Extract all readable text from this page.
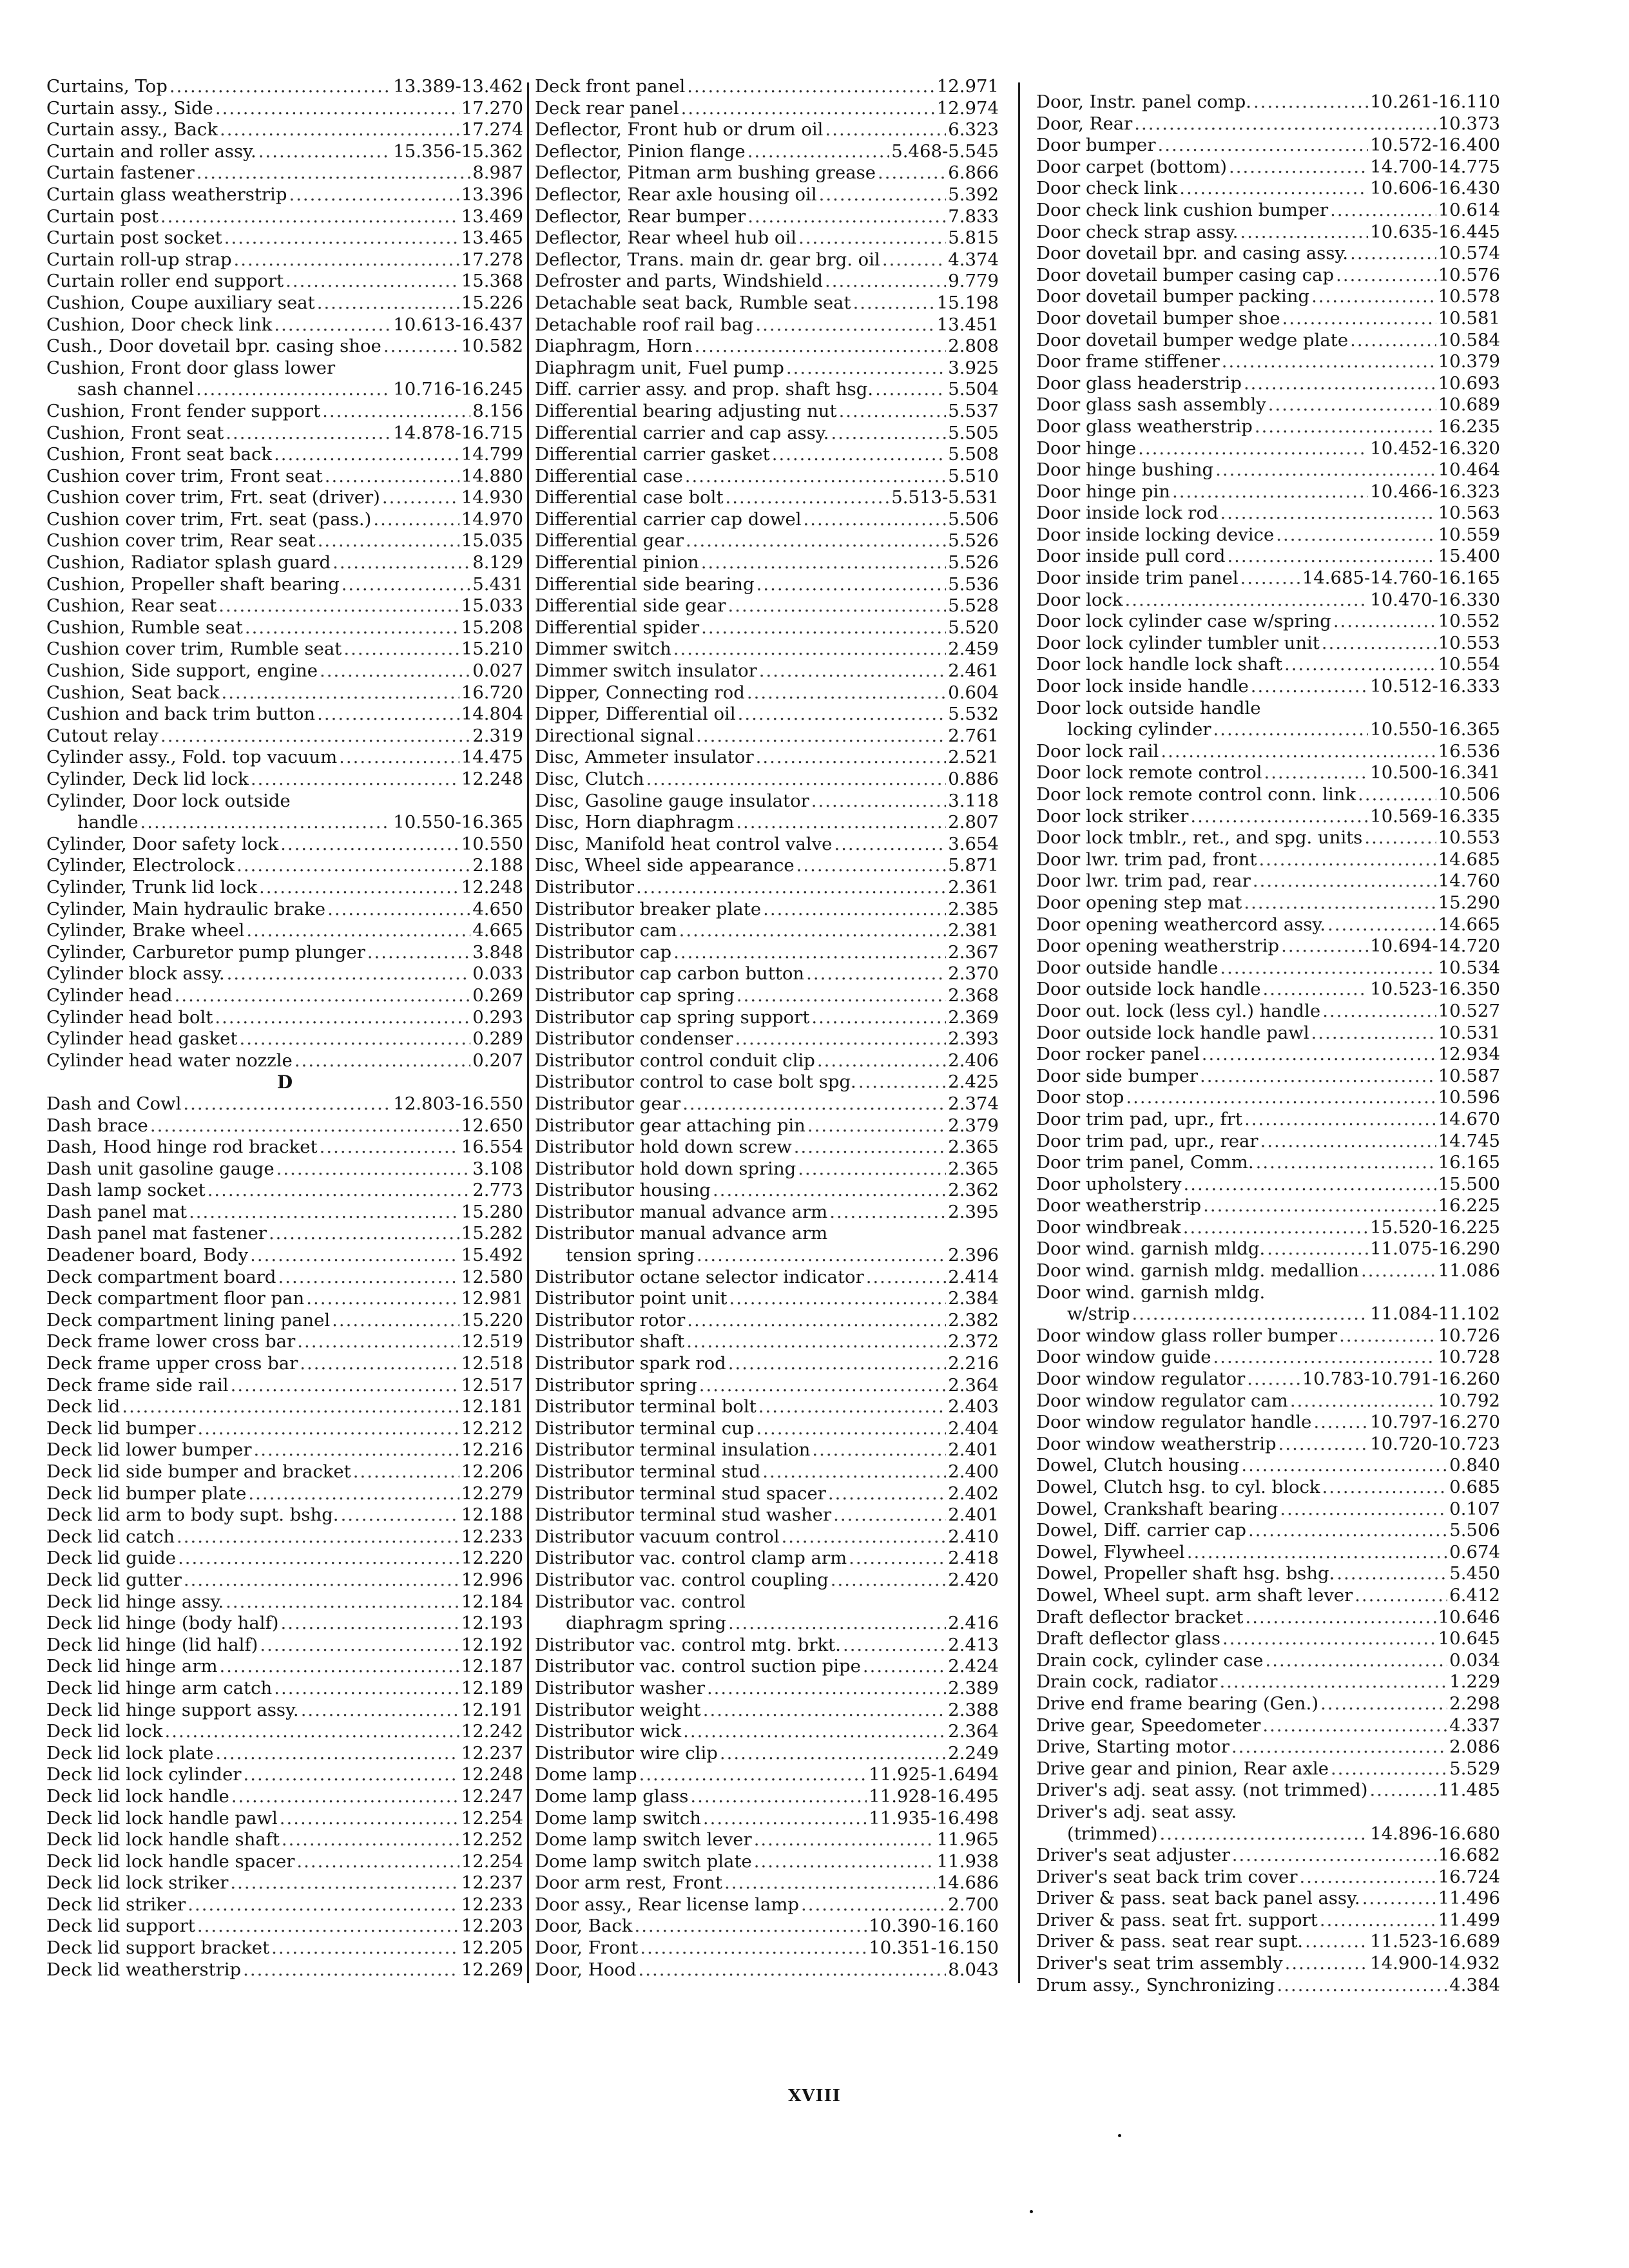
Curtains, Top .....	13.389-13.462
Curtain assy., Side .....	17.270
Curtain assy., Back .....	17.274
Curtain and roller assy. .....	15.356-15.362
Curtain fastener .....	8.987
Curtain glass weatherstrip .....	13.396
Curtain post .....	13.469
Curtain post socket .....	13.465
Curtain roll-up strap .....	17.278
Curtain roller end support .....	15.368
Cushion, Coupe auxiliary seat .....	15.226
Cushion, Door check link .....	10.613-16.437
Cush., Door dovetail bpr. casing shoe .....	10.582
Cushion, Front door glass lower
sash channel .....	10.716-16.245
Cushion, Front fender support .....	8.156
Cushion, Front seat .....	14.878-16.715
Cushion, Front seat back .....	14.799
Cushion cover trim, Front seat .....	14.880
Cushion cover trim, Frt. seat (driver) .....	14.930
Cushion cover trim, Frt. seat (pass.) .....	14.970
Cushion cover trim, Rear seat .....	15.035
Cushion, Radiator splash guard .....	8.129
Cushion, Propeller shaft bearing .....	5.431
Cushion, Rear seat .....	15.033
Cushion, Rumble seat .....	15.208
Cushion cover trim, Rumble seat .....	15.210
Cushion, Side support, engine .....	0.027
Cushion, Seat back .....	16.720
Cushion and back trim button .....	14.804
Cutout relay .....	2.319
Cylinder assy., Fold. top vacuum .....	14.475
Cylinder, Deck lid lock .....	12.248
Cylinder, Door lock outside
handle .....	10.550-16.365
Cylinder, Door safety lock .....	10.550
Cylinder, Electrolock .....	2.188
Cylinder, Trunk lid lock .....	12.248
Cylinder, Main hydraulic brake .....	4.650
Cylinder, Brake wheel .....	4.665
Cylinder, Carburetor pump plunger .....	3.848
Cylinder block assy. .....	0.033
Cylinder head .....	0.269
Cylinder head bolt .....	0.293
Cylinder head gasket .....	0.289
Cylinder head water nozzle .....	0.207
D
Dash and Cowl .....	12.803-16.550
Dash brace .....	12.650
Dash, Hood hinge rod bracket .....	16.554
Dash unit gasoline gauge .....	3.108
Dash lamp socket .....	2.773
Dash panel mat .....	15.280
Dash panel mat fastener .....	15.282
Deadener board, Body .....	15.492
Deck compartment board .....	12.580
Deck compartment floor pan .....	12.981
Deck compartment lining panel .....	15.220
Deck frame lower cross bar .....	12.519
Deck frame upper cross bar .....	12.518
Deck frame side rail .....	12.517
Deck lid .....	12.181
Deck lid bumper .....	12.212
Deck lid lower bumper .....	12.216
Deck lid side bumper and bracket .....	12.206
Deck lid bumper plate .....	12.279
Deck lid arm to body supt. bshg. .....	12.188
Deck lid catch .....	12.233
Deck lid guide .....	12.220
Deck lid gutter .....	12.996
Deck lid hinge assy. .....	12.184
Deck lid hinge (body half) .....	12.193
Deck lid hinge (lid half) .....	12.192
Deck lid hinge arm .....	12.187
Deck lid hinge arm catch .....	12.189
Deck lid hinge support assy. .....	12.191
Deck lid lock .....	12.242
Deck lid lock plate .....	12.237
Deck lid lock cylinder .....	12.248
Deck lid lock handle .....	12.247
Deck lid lock handle pawl .....	12.254
Deck lid lock handle shaft .....	12.252
Deck lid lock handle spacer .....	12.254
Deck lid lock striker .....	12.237
Deck lid striker .....	12.233
Deck lid support .....	12.203
Deck lid support bracket .....	12.205
Deck lid weatherstrip .....	12.269
Deck front panel .....	12.971
Deck rear panel .....	12.974
Deflector, Front hub or drum oil .....	6.323
Deflector, Pinion flange .....	5.468-5.545
Deflector, Pitman arm bushing grease .....	6.866
Deflector, Rear axle housing oil .....	5.392
Deflector, Rear bumper .....	7.833
Deflector, Rear wheel hub oil .....	5.815
Deflector, Trans. main dr. gear brg. oil .....	4.374
Defroster and parts, Windshield .....	9.779
Detachable seat back, Rumble seat .....	15.198
Detachable roof rail bag .....	13.451
Diaphragm, Horn .....	2.808
Diaphragm unit, Fuel pump .....	3.925
Diff. carrier assy. and prop. shaft hsg. .....	5.504
Differential bearing adjusting nut .....	5.537
Differential carrier and cap assy. .....	5.505
Differential carrier gasket .....	5.508
Differential case .....	5.510
Differential case bolt .....	5.513-5.531
Differential carrier cap dowel .....	5.506
Differential gear .....	5.526
Differential pinion .....	5.526
Differential side bearing .....	5.536
Differential side gear .....	5.528
Differential spider .....	5.520
Dimmer switch .....	2.459
Dimmer switch insulator .....	2.461
Dipper, Connecting rod .....	0.604
Dipper, Differential oil .....	5.532
Directional signal .....	2.761
Disc, Ammeter insulator .....	2.521
Disc, Clutch .....	0.886
Disc, Gasoline gauge insulator .....	3.118
Disc, Horn diaphragm .....	2.807
Disc, Manifold heat control valve .....	3.654
Disc, Wheel side appearance .....	5.871
Distributor .....	2.361
Distributor breaker plate .....	2.385
Distributor cam .....	2.381
Distributor cap .....	2.367
Distributor cap carbon button .....	2.370
Distributor cap spring .....	2.368
Distributor cap spring support .....	2.369
Distributor condenser .....	2.393
Distributor control conduit clip .....	2.406
Distributor control to case bolt spg. .....	2.425
Distributor gear .....	2.374
Distributor gear attaching pin .....	2.379
Distributor hold down screw .....	2.365
Distributor hold down spring .....	2.365
Distributor housing .....	2.362
Distributor manual advance arm .....	2.395
Distributor manual advance arm
tension spring .....	2.396
Distributor octane selector indicator .....	2.414
Distributor point unit .....	2.384
Distributor rotor .....	2.382
Distributor shaft .....	2.372
Distributor spark rod .....	2.216
Distributor spring .....	2.364
Distributor terminal bolt .....	2.403
Distributor terminal cup .....	2.404
Distributor terminal insulation .....	2.401
Distributor terminal stud .....	2.400
Distributor terminal stud spacer .....	2.402
Distributor terminal stud washer .....	2.401
Distributor vacuum control .....	2.410
Distributor vac. control clamp arm .....	2.418
Distributor vac. control coupling .....	2.420
Distributor vac. control
diaphragm spring .....	2.416
Distributor vac. control mtg. brkt. .....	2.413
Distributor vac. control suction pipe .....	2.424
Distributor washer .....	2.389
Distributor weight .....	2.388
Distributor wick .....	2.364
Distributor wire clip .....	2.249
Dome lamp .....	11.925-1.6494
Dome lamp glass .....	11.928-16.495
Dome lamp switch .....	11.935-16.498
Dome lamp switch lever .....	11.965
Dome lamp switch plate .....	11.938
Door arm rest, Front .....	14.686
Door assy., Rear license lamp .....	2.700
Door, Back .....	10.390-16.160
Door, Front .....	10.351-16.150
Door, Hood .....	8.043
Door, Instr. panel comp. .....	10.261-16.110
Door, Rear .....	10.373
Door bumper .....	10.572-16.400
Door carpet (bottom) .....	14.700-14.775
Door check link .....	10.606-16.430
Door check link cushion bumper .....	10.614
Door check strap assy. .....	10.635-16.445
Door dovetail bpr. and casing assy. .....	10.574
Door dovetail bumper casing cap .....	10.576
Door dovetail bumper packing .....	10.578
Door dovetail bumper shoe .....	10.581
Door dovetail bumper wedge plate .....	10.584
Door frame stiffener .....	10.379
Door glass headerstrip .....	10.693
Door glass sash assembly .....	10.689
Door glass weatherstrip .....	16.235
Door hinge .....	10.452-16.320
Door hinge bushing .....	10.464
Door hinge pin .....	10.466-16.323
Door inside lock rod .....	10.563
Door inside locking device .....	10.559
Door inside pull cord .....	15.400
Door inside trim panel .....	14.685-14.760-16.165
Door lock .....	10.470-16.330
Door lock cylinder case w/spring .....	10.552
Door lock cylinder tumbler unit .....	10.553
Door lock handle lock shaft .....	10.554
Door lock inside handle .....	10.512-16.333
Door lock outside handle
locking cylinder .....	10.550-16.365
Door lock rail .....	16.536
Door lock remote control .....	10.500-16.341
Door lock remote control conn. link .....	10.506
Door lock striker .....	10.569-16.335
Door lock tmblr., ret., and spg. units .....	10.553
Door lwr. trim pad, front .....	14.685
Door lwr. trim pad, rear .....	14.760
Door opening step mat .....	15.290
Door opening weathercord assy. .....	14.665
Door opening weatherstrip .....	10.694-14.720
Door outside handle .....	10.534
Door outside lock handle .....	10.523-16.350
Door out. lock (less cyl.) handle .....	10.527
Door outside lock handle pawl .....	10.531
Door rocker panel .....	12.934
Door side bumper .....	10.587
Door stop .....	10.596
Door trim pad, upr., frt .....	14.670
Door trim pad, upr., rear .....	14.745
Door trim panel, Comm. .....	16.165
Door upholstery .....	15.500
Door weatherstrip .....	16.225
Door windbreak .....	15.520-16.225
Door wind. garnish mldg. .....	11.075-16.290
Door wind. garnish mldg. medallion .....	11.086
Door wind. garnish mldg.
w/strip .....	11.084-11.102
Door window glass roller bumper .....	10.726
Door window guide .....	10.728
Door window regulator .....	10.783-10.791-16.260
Door window regulator cam .....	10.792
Door window regulator handle .....	10.797-16.270
Door window weatherstrip .....	10.720-10.723
Dowel, Clutch housing .....	0.840
Dowel, Clutch hsg. to cyl. block .....	0.685
Dowel, Crankshaft bearing .....	0.107
Dowel, Diff. carrier cap .....	5.506
Dowel, Flywheel .....	0.674
Dowel, Propeller shaft hsg. bshg. .....	5.450
Dowel, Wheel supt. arm shaft lever .....	6.412
Draft deflector bracket .....	10.646
Draft deflector glass .....	10.645
Drain cock, cylinder case .....	0.034
Drain cock, radiator .....	1.229
Drive end frame bearing (Gen.) .....	2.298
Drive gear, Speedometer .....	4.337
Drive, Starting motor .....	2.086
Drive gear and pinion, Rear axle .....	5.529
Driver's adj. seat assy. (not trimmed) .....	11.485
Driver's adj. seat assy.
(trimmed) .....	14.896-16.680
Driver's seat adjuster .....	16.682
Driver's seat back trim cover .....	16.724
Driver & pass. seat back panel assy. .....	11.496
Driver & pass. seat frt. support .....	11.499
Driver & pass. seat rear supt. .....	11.523-16.689
Driver's seat trim assembly .....	14.900-14.932
Drum assy., Synchronizing .....	4.384
XVIII
